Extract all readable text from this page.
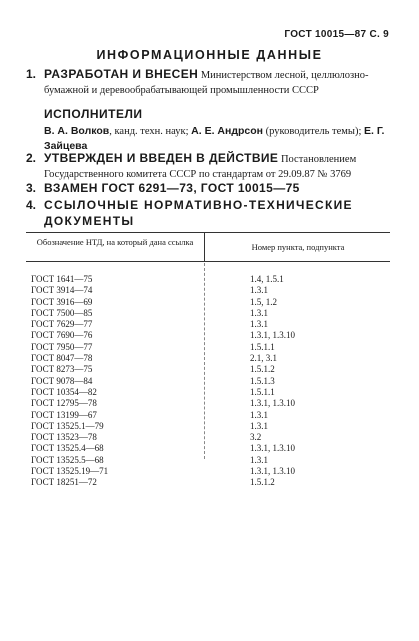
ГОСТ 10015—87 С. 9
ИНФОРМАЦИОННЫЕ ДАННЫЕ
1. РАЗРАБОТАН И ВНЕСЕН Министерством лесной, целлюлозно-бумажной и деревообрабатывающей промышленности СССР
ИСПОЛНИТЕЛИ
В. А. Волков, канд. техн. наук; А. Е. Андрсон (руководитель темы); Е. Г. Зайцева
2. УТВЕРЖДЕН И ВВЕДЕН В ДЕЙСТВИЕ Постановлением Государственного комитета СССР по стандартам от 29.09.87 № 3769
3. ВЗАМЕН ГОСТ 6291—73, ГОСТ 10015—75
4. ССЫЛОЧНЫЕ НОРМАТИВНО-ТЕХНИЧЕСКИЕ ДОКУМЕНТЫ
Обозначение НТД, на который дана ссылка	Номер пункта, подпункта
ГОСТ 1641—75	1.4, 1.5.1
ГОСТ 3914—74	1.3.1
ГОСТ 3916—69	1.5, 1.2
ГОСТ 7500—85	1.3.1
ГОСТ 7629—77	1.3.1
ГОСТ 7690—76	1.3.1, 1.3.10
ГОСТ 7950—77	1.5.1.1
ГОСТ 8047—78	2.1, 3.1
ГОСТ 8273—75	1.5.1.2
ГОСТ 9078—84	1.5.1.3
ГОСТ 10354—82	1.5.1.1
ГОСТ 12795—78	1.3.1, 1.3.10
ГОСТ 13199—67	1.3.1
ГОСТ 13525.1—79	1.3.1
ГОСТ 13523—78	3.2
ГОСТ 13525.4—68	1.3.1, 1.3.10
ГОСТ 13525.5—68	1.3.1
ГОСТ 13525.19—71	1.3.1, 1.3.10
ГОСТ 18251—72	1.5.1.2
